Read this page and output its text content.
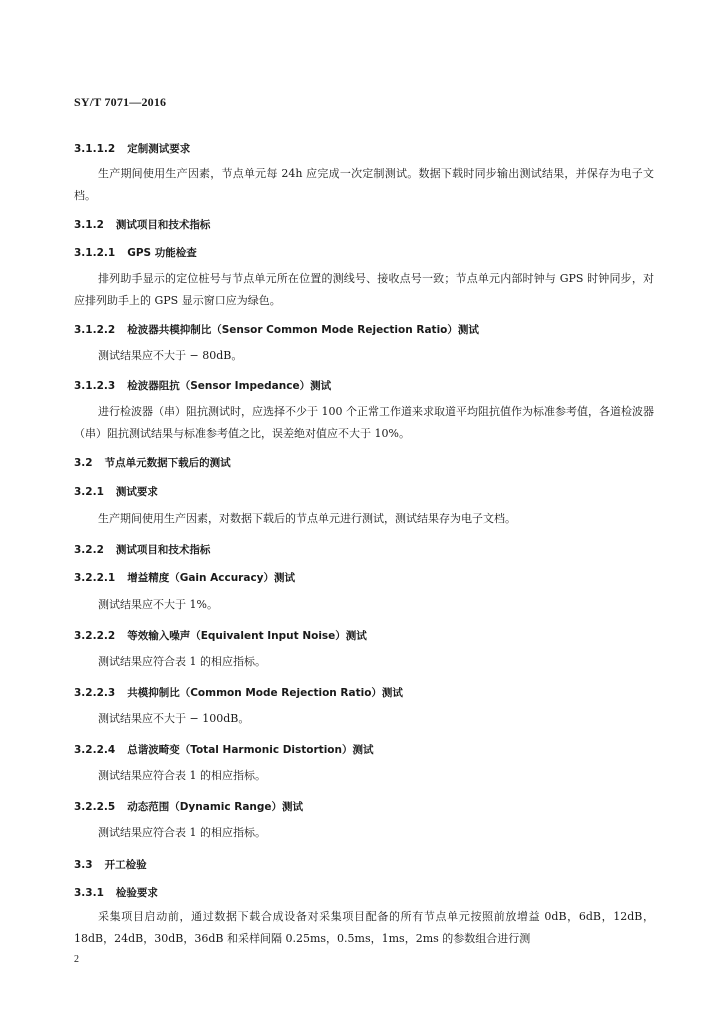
SY/T 7071—2016
3.1.1.2 定制测试要求
生产期间使用生产因素，节点单元每 24h 应完成一次定制测试。数据下载时同步输出测试结果，并保存为电子文档。
3.1.2 测试项目和技术指标
3.1.2.1 GPS 功能检查
排列助手显示的定位桩号与节点单元所在位置的测线号、接收点号一致；节点单元内部时钟与 GPS 时钟同步，对应排列助手上的 GPS 显示窗口应为绿色。
3.1.2.2 检波器共模抑制比（Sensor Common Mode Rejection Ratio）测试
测试结果应不大于 − 80dB。
3.1.2.3 检波器阻抗（Sensor Impedance）测试
进行检波器（串）阻抗测试时，应选择不少于 100 个正常工作道来求取道平均阻抗值作为标准参考值，各道检波器（串）阻抗测试结果与标准参考值之比，误差绝对值应不大于 10%。
3.2 节点单元数据下载后的测试
3.2.1 测试要求
生产期间使用生产因素，对数据下载后的节点单元进行测试，测试结果存为电子文档。
3.2.2 测试项目和技术指标
3.2.2.1 增益精度（Gain Accuracy）测试
测试结果应不大于 1%。
3.2.2.2 等效输入噪声（Equivalent Input Noise）测试
测试结果应符合表 1 的相应指标。
3.2.2.3 共模抑制比（Common Mode Rejection Ratio）测试
测试结果应不大于 − 100dB。
3.2.2.4 总谐波畸变（Total Harmonic Distortion）测试
测试结果应符合表 1 的相应指标。
3.2.2.5 动态范围（Dynamic Range）测试
测试结果应符合表 1 的相应指标。
3.3 开工检验
3.3.1 检验要求
采集项目启动前，通过数据下载合成设备对采集项目配备的所有节点单元按照前放增益 0dB，6dB，12dB，18dB，24dB，30dB，36dB 和采样间隔 0.25ms，0.5ms，1ms，2ms 的参数组合进行测
2
